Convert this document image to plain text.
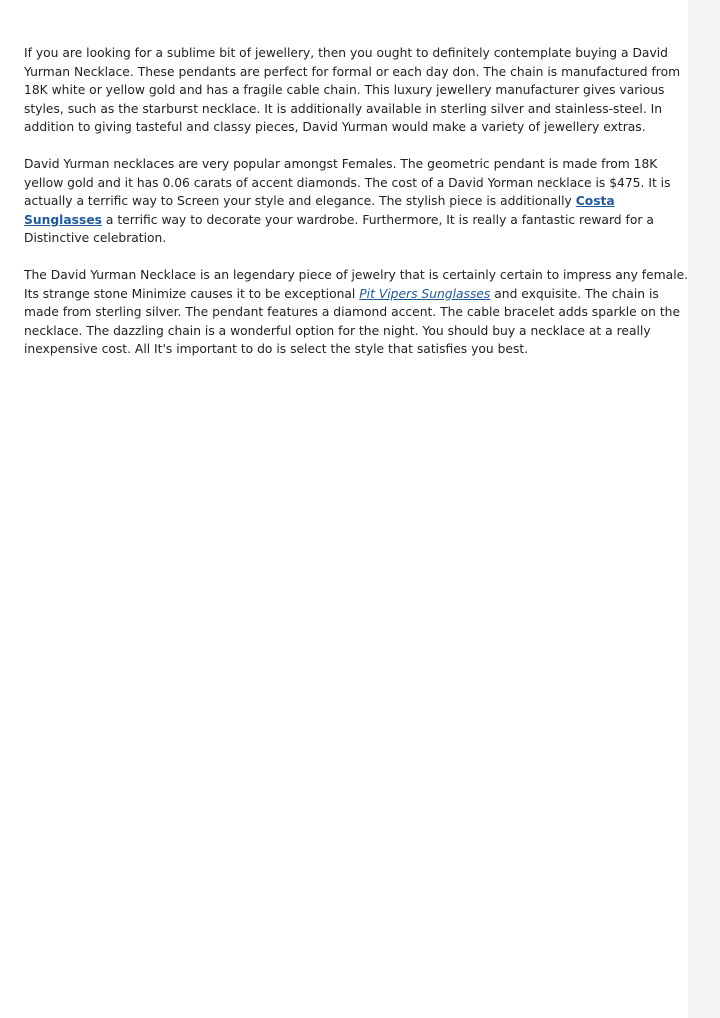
If you are looking for a sublime bit of jewellery, then you ought to definitely contemplate buying a David Yurman Necklace. These pendants are perfect for formal or each day don. The chain is manufactured from 18K white or yellow gold and has a fragile cable chain. This luxury jewellery manufacturer gives various styles, such as the starburst necklace. It is additionally available in sterling silver and stainless-steel. In addition to giving tasteful and classy pieces, David Yurman would make a variety of jewellery extras.

David Yurman necklaces are very popular amongst Females. The geometric pendant is made from 18K yellow gold and it has 0.06 carats of accent diamonds. The cost of a David Yorman necklace is $475. It is actually a terrific way to Screen your style and elegance. The stylish piece is additionally Costa Sunglasses a terrific way to decorate your wardrobe. Furthermore, It is really a fantastic reward for a Distinctive celebration.

The David Yurman Necklace is an legendary piece of jewelry that is certainly certain to impress any female. Its strange stone Minimize causes it to be exceptional Pit Vipers Sunglasses and exquisite. The chain is made from sterling silver. The pendant features a diamond accent. The cable bracelet adds sparkle on the necklace. The dazzling chain is a wonderful option for the night. You should buy a necklace at a really inexpensive cost. All It's important to do is select the style that satisfies you best.
